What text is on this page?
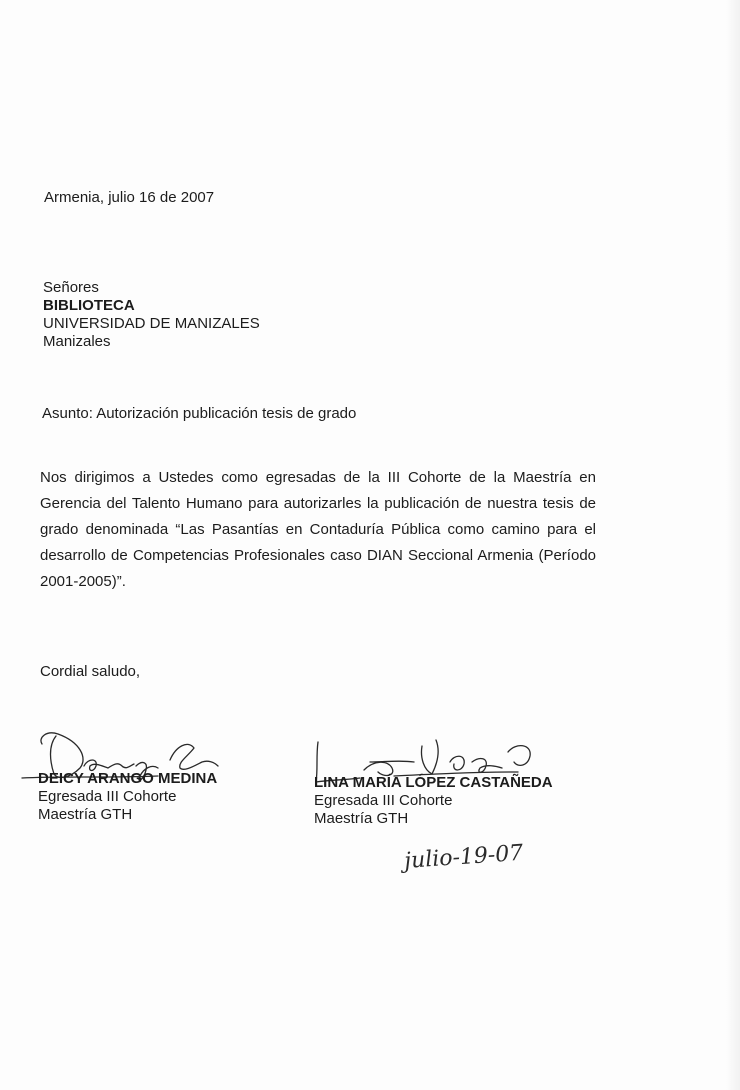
Armenia, julio 16 de 2007
Señores
BIBLIOTECA
UNIVERSIDAD DE MANIZALES
Manizales
Asunto: Autorización publicación tesis de grado
Nos dirigimos a Ustedes como egresadas de la III Cohorte de la Maestría en Gerencia del Talento Humano para autorizarles la publicación de nuestra tesis de grado denominada “Las Pasantías en Contaduría Pública como camino para el desarrollo de Competencias Profesionales caso DIAN Seccional Armenia (Período 2001-2005)”.
Cordial saludo,
DEICY ARANGO MEDINA
Egresada III Cohorte
Maestría GTH
LINA MARÍA LÓPEZ CASTAÑEDA
Egresada III Cohorte
Maestría GTH
julio-19-07
